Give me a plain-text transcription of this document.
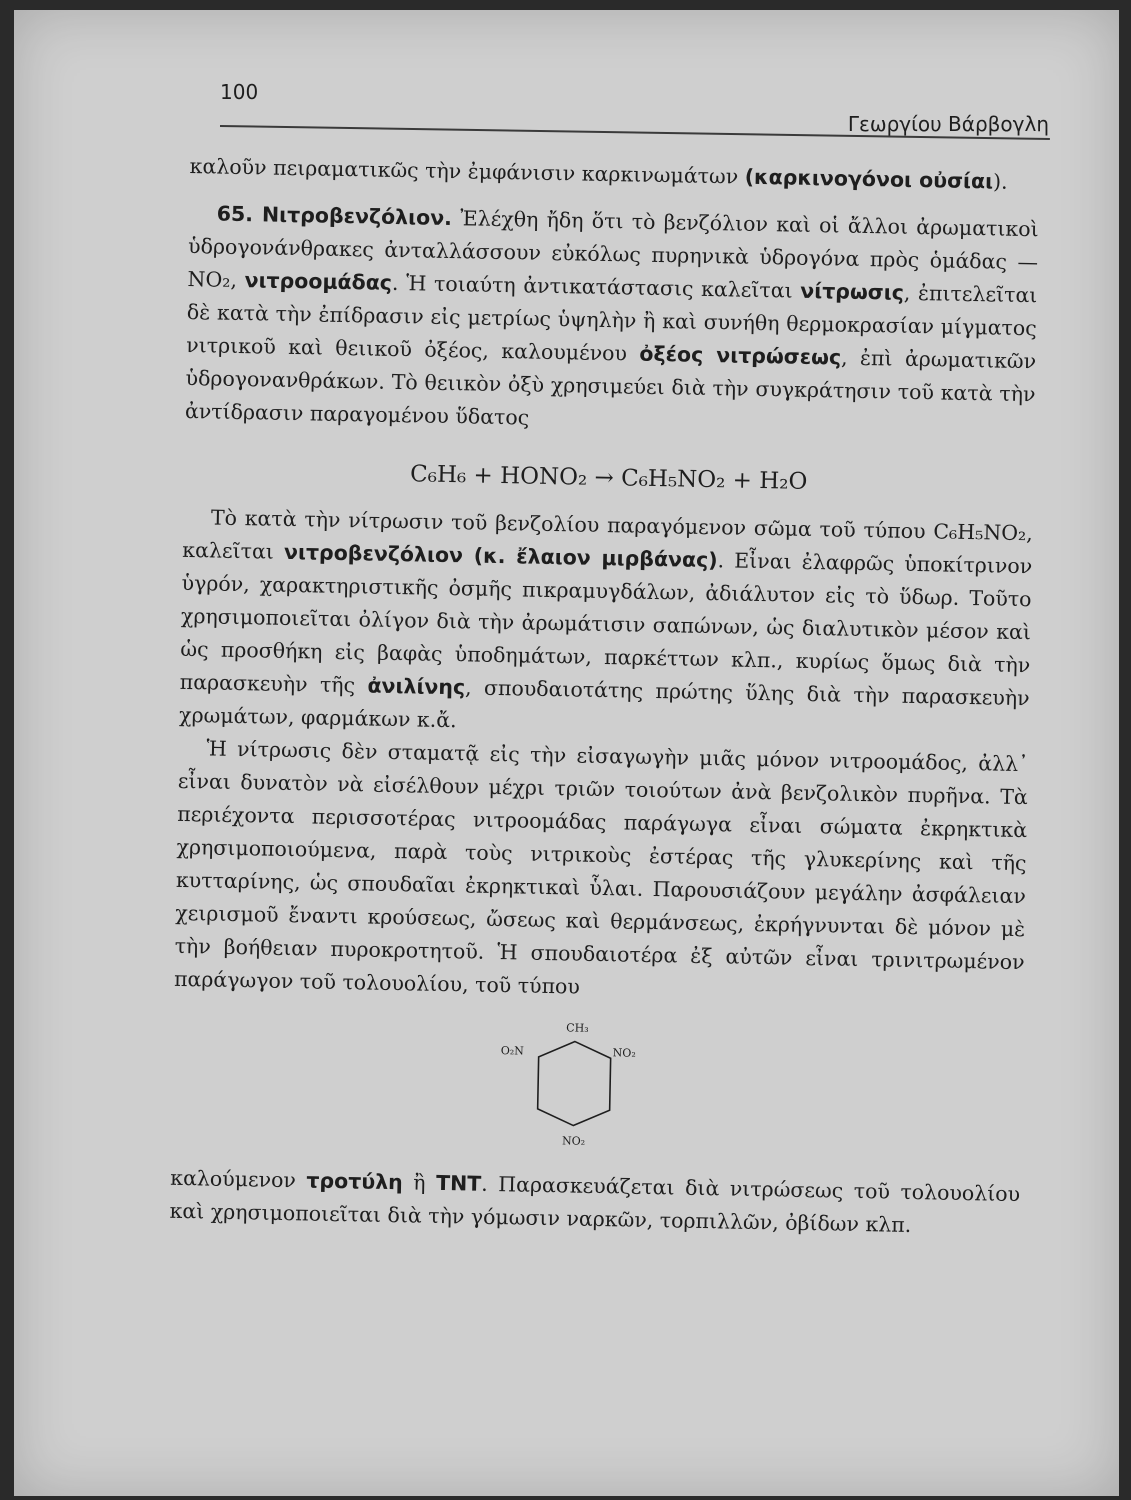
100
Γεωργίου Βάρβογλη

καλοῦν πειραματικῶς τὴν ἐμφάνισιν καρκινωμάτων (καρκινογόνοι οὐσίαι).

65. Νιτροβενζόλιον. Ἐλέχθη ἤδη ὅτι τὸ βενζόλιον καὶ οἱ ἄλλοι ἀρωματικοὶ ὑδρογονάνθρακες ἀνταλλάσσουν εὐκόλως πυρηνικὰ ὑδρογόνα πρὸς ὁμάδας — NO₂, νιτροομάδας. Ἡ τοιαύτη ἀντικατάστασις καλεῖται νίτρωσις, ἐπιτελεῖται δὲ κατὰ τὴν ἐπίδρασιν εἰς μετρίως ὑψηλὴν ἢ καὶ συνήθη θερμοκρασίαν μίγματος νιτρικοῦ καὶ θειικοῦ ὀξέος, καλουμένου ὀξέος νιτρώσεως, ἐπὶ ἀρωματικῶν ὑδρογονανθράκων. Τὸ θειικὸν ὀξὺ χρησιμεύει διὰ τὴν συγκράτησιν τοῦ κατὰ τὴν ἀντίδρασιν παραγομένου ὕδατος

C₆H₆ + HONO₂ → C₆H₅NO₂ + H₂O

Τὸ κατὰ τὴν νίτρωσιν τοῦ βενζολίου παραγόμενον σῶμα τοῦ τύπου C₆H₅NO₂, καλεῖται νιτροβενζόλιον (κ. ἔλαιον μιρβάνας). Εἶναι ἐλαφρῶς ὑποκίτρινον ὑγρόν, χαρακτηριστικῆς ὀσμῆς πικραμυγδάλων, ἀδιάλυτον εἰς τὸ ὕδωρ. Τοῦτο χρησιμοποιεῖται ὀλίγον διὰ τὴν ἀρωμάτισιν σαπώνων, ὡς διαλυτικὸν μέσον καὶ ὡς προσθήκη εἰς βαφὰς ὑποδημάτων, παρκέττων κλπ., κυρίως ὅμως διὰ τὴν παρασκευὴν τῆς ἀνιλίνης, σπουδαιοτάτης πρώτης ὕλης διὰ τὴν παρασκευὴν χρωμάτων, φαρμάκων κ.ἄ.

Ἡ νίτρωσις δὲν σταματᾷ εἰς τὴν εἰσαγωγὴν μιᾶς μόνον νιτροομάδος, ἀλλ᾽ εἶναι δυνατὸν νὰ εἰσέλθουν μέχρι τριῶν τοιούτων ἀνὰ βενζολικὸν πυρῆνα. Τὰ περιέχοντα περισσοτέρας νιτροομάδας παράγωγα εἶναι σώματα ἐκρηκτικὰ χρησιμοποιούμενα, παρὰ τοὺς νιτρικοὺς ἐστέρας τῆς γλυκερίνης καὶ τῆς κυτταρίνης, ὡς σπουδαῖαι ἐκρηκτικαὶ ὗλαι. Παρουσιάζουν μεγάλην ἀσφάλειαν χειρισμοῦ ἔναντι κρούσεως, ὤσεως καὶ θερμάνσεως, ἐκρήγνυνται δὲ μόνον μὲ τὴν βοήθειαν πυροκροτητοῦ. Ἡ σπουδαιοτέρα ἐξ αὐτῶν εἶναι τρινιτρωμένον παράγωγον τοῦ τολουολίου, τοῦ τύπου

CH₃
O₂N	NO₂
NO₂

καλούμενον τροτύλη ἢ TNT. Παρασκευάζεται διὰ νιτρώσεως τοῦ τολουολίου καὶ χρησιμοποιεῖται διὰ τὴν γόμωσιν ναρκῶν, τορπιλλῶν, ὀβίδων κλπ.
